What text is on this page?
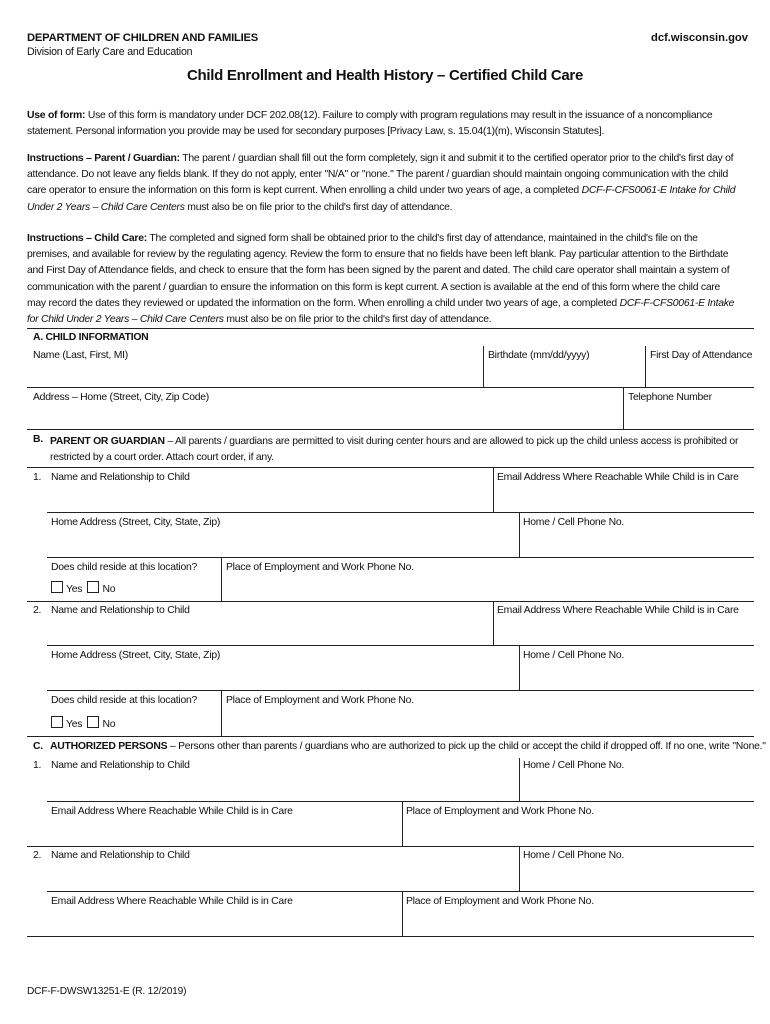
DEPARTMENT OF CHILDREN AND FAMILIES
Division of Early Care and Education
dcf.wisconsin.gov
Child Enrollment and Health History – Certified Child Care
Use of form: Use of this form is mandatory under DCF 202.08(12). Failure to comply with program regulations may result in the issuance of a noncompliance statement. Personal information you provide may be used for secondary purposes [Privacy Law, s. 15.04(1)(m), Wisconsin Statutes].
Instructions – Parent / Guardian: The parent / guardian shall fill out the form completely, sign it and submit it to the certified operator prior to the child's first day of attendance. Do not leave any fields blank. If they do not apply, enter "N/A" or "none." The parent / guardian should maintain ongoing communication with the child care operator to ensure the information on this form is kept current. When enrolling a child under two years of age, a completed DCF-F-CFS0061-E Intake for Child Under 2 Years – Child Care Centers must also be on file prior to the child's first day of attendance.
Instructions – Child Care: The completed and signed form shall be obtained prior to the child's first day of attendance, maintained in the child's file on the premises, and available for review by the regulating agency. Review the form to ensure that no fields have been left blank. Pay particular attention to the Birthdate and First Day of Attendance fields, and check to ensure that the form has been signed by the parent and dated. The child care operator shall maintain a system of communication with the parent / guardian to ensure the information on this form is kept current. A section is available at the end of this form where the child care may record the dates they reviewed or updated the information on the form. When enrolling a child under two years of age, a completed DCF-F-CFS0061-E Intake for Child Under 2 Years – Child Care Centers must also be on file prior to the child's first day of attendance.
A. CHILD INFORMATION
Name (Last, First, MI)	Birthdate (mm/dd/yyyy)	First Day of Attendance
Address – Home (Street, City, Zip Code)	Telephone Number
B. PARENT OR GUARDIAN – All parents / guardians are permitted to visit during center hours and are allowed to pick up the child unless access is prohibited or restricted by a court order. Attach court order, if any.
1. Name and Relationship to Child	Email Address Where Reachable While Child is in Care
Home Address (Street, City, State, Zip)	Home / Cell Phone No.
Does child reside at this location?	Place of Employment and Work Phone No.
Yes No
2. Name and Relationship to Child	Email Address Where Reachable While Child is in Care
Home Address (Street, City, State, Zip)	Home / Cell Phone No.
Does child reside at this location?	Place of Employment and Work Phone No.
Yes No
C. AUTHORIZED PERSONS – Persons other than parents / guardians who are authorized to pick up the child or accept the child if dropped off. If no one, write "None."
1. Name and Relationship to Child	Home / Cell Phone No.
Email Address Where Reachable While Child is in Care	Place of Employment and Work Phone No.
2. Name and Relationship to Child	Home / Cell Phone No.
Email Address Where Reachable While Child is in Care	Place of Employment and Work Phone No.
DCF-F-DWSW13251-E (R. 12/2019)
